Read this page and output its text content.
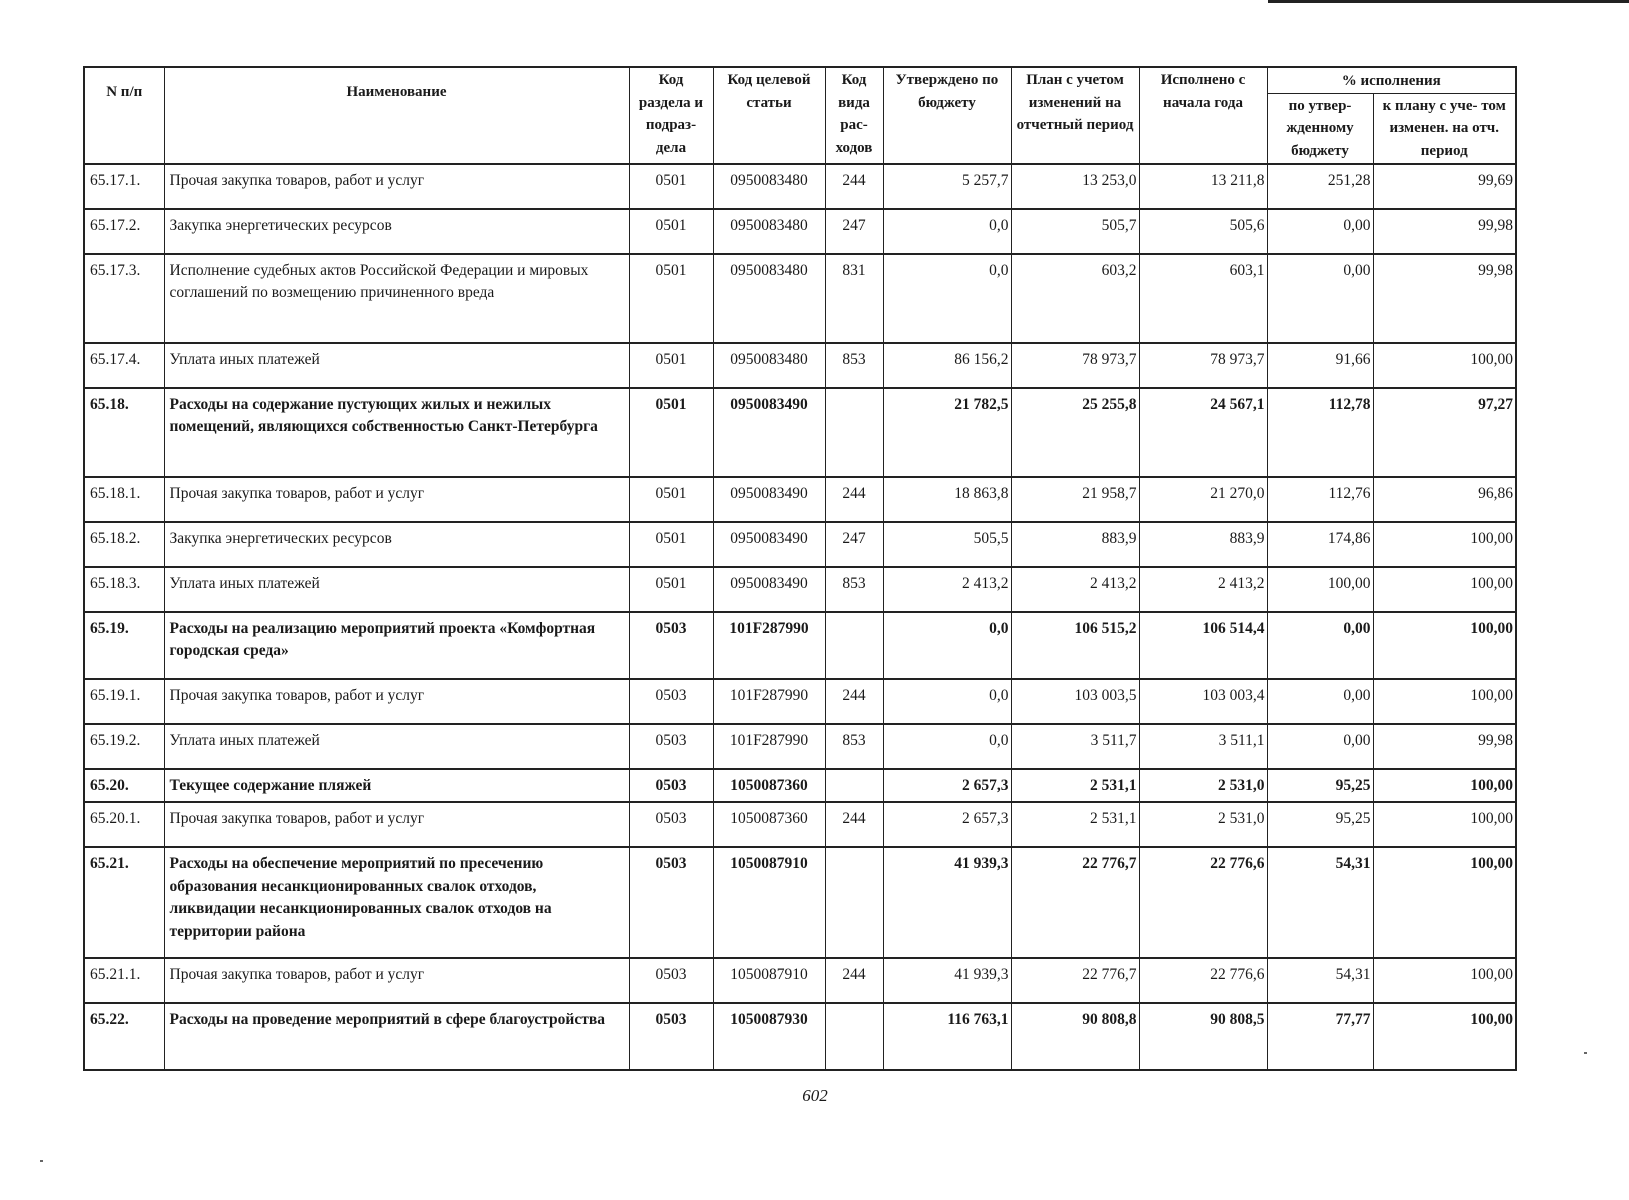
N п/п	Наименование	Код раздела и подраз- дела	Код целевой статьи	Код вида рас- ходов	Утверждено по бюджету	План с учетом изменений на отчетный период	Исполнено с начала года	% исполнения	
								по утвер- жденному бюджету	к плану с уче- том изменен. на отч. период
65.17.1.	Прочая закупка товаров, работ и услуг	0501	0950083480	244	5 257,7	13 253,0	13 211,8	251,28	99,69
65.17.2.	Закупка энергетических ресурсов	0501	0950083480	247	0,0	505,7	505,6	0,00	99,98
65.17.3.	Исполнение судебных актов Российской Федерации и мировых соглашений по возмещению причиненного вреда	0501	0950083480	831	0,0	603,2	603,1	0,00	99,98
65.17.4.	Уплата иных платежей	0501	0950083480	853	86 156,2	78 973,7	78 973,7	91,66	100,00
65.18.	Расходы на содержание пустующих жилых и нежилых помещений, являющихся собственностью Санкт-Петербурга	0501	0950083490		21 782,5	25 255,8	24 567,1	112,78	97,27
65.18.1.	Прочая закупка товаров, работ и услуг	0501	0950083490	244	18 863,8	21 958,7	21 270,0	112,76	96,86
65.18.2.	Закупка энергетических ресурсов	0501	0950083490	247	505,5	883,9	883,9	174,86	100,00
65.18.3.	Уплата иных платежей	0501	0950083490	853	2 413,2	2 413,2	2 413,2	100,00	100,00
65.19.	Расходы на реализацию мероприятий проекта «Комфортная городская среда»	0503	101F287990		0,0	106 515,2	106 514,4	0,00	100,00
65.19.1.	Прочая закупка товаров, работ и услуг	0503	101F287990	244	0,0	103 003,5	103 003,4	0,00	100,00
65.19.2.	Уплата иных платежей	0503	101F287990	853	0,0	3 511,7	3 511,1	0,00	99,98
65.20.	Текущее содержание пляжей	0503	1050087360		2 657,3	2 531,1	2 531,0	95,25	100,00
65.20.1.	Прочая закупка товаров, работ и услуг	0503	1050087360	244	2 657,3	2 531,1	2 531,0	95,25	100,00
65.21.	Расходы на обеспечение мероприятий по пресечению образования несанкционированных свалок отходов, ликвидации несанкционированных свалок отходов на территории района	0503	1050087910		41 939,3	22 776,7	22 776,6	54,31	100,00
65.21.1.	Прочая закупка товаров, работ и услуг	0503	1050087910	244	41 939,3	22 776,7	22 776,6	54,31	100,00
65.22.	Расходы на проведение мероприятий в сфере благоустройства	0503	1050087930		116 763,1	90 808,8	90 808,5	77,77	100,00
602
